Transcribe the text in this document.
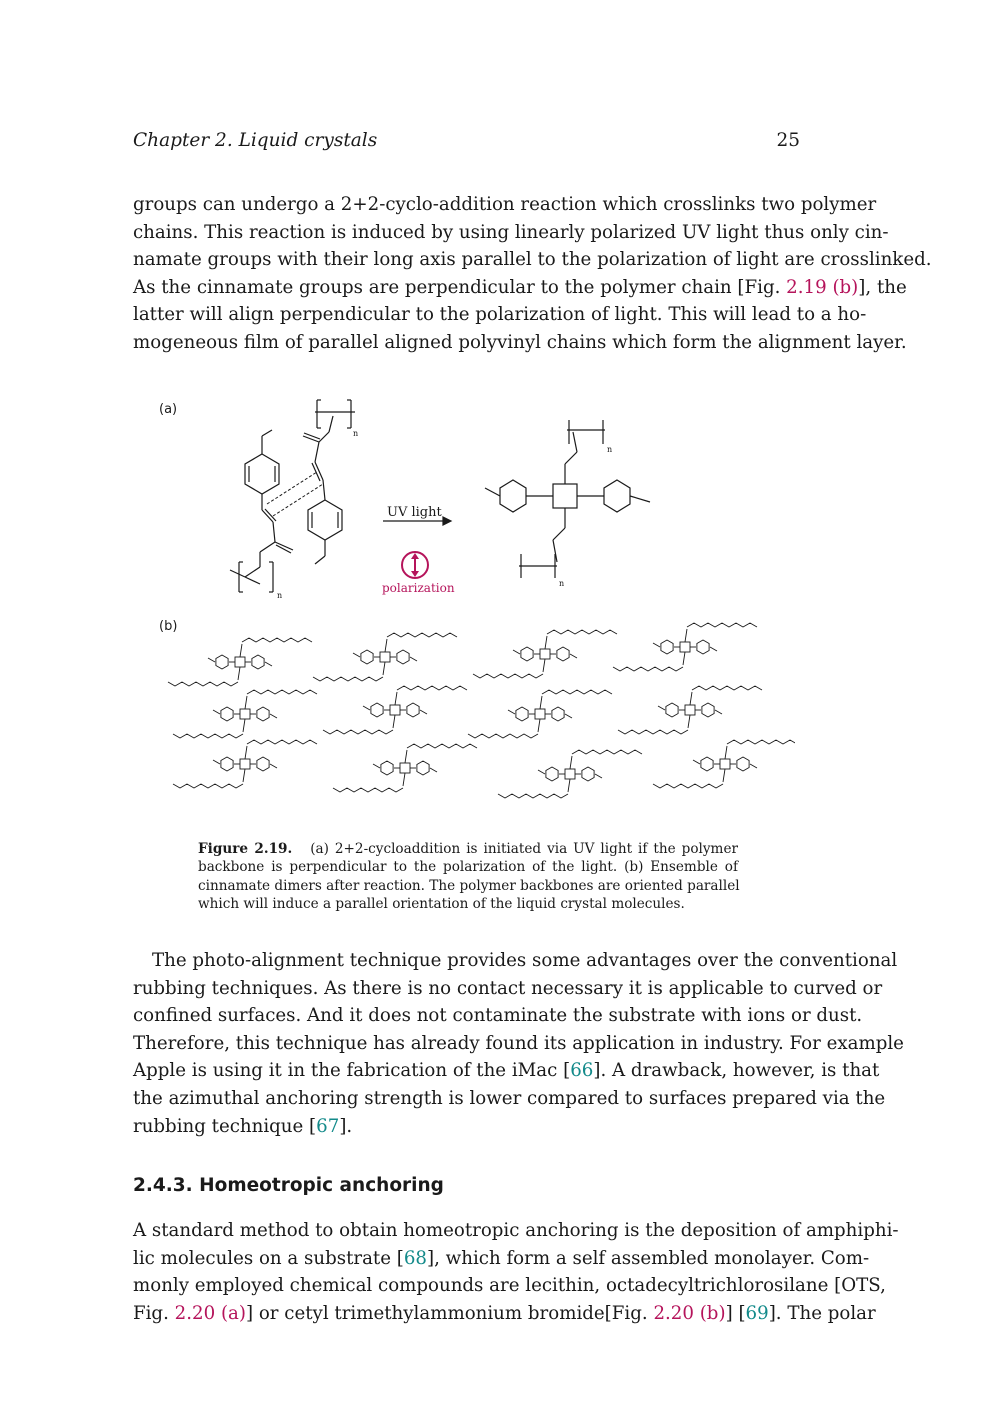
Chapter 2. Liquid crystals	25

groups can undergo a 2+2-cyclo-addition reaction which crosslinks two polymer
chains. This reaction is induced by using linearly polarized UV light thus only cin-
namate groups with their long axis parallel to the polarization of light are crosslinked.
As the cinnamate groups are perpendicular to the polymer chain [Fig. 2.19 (b)], the
latter will align perpendicular to the polarization of light. This will lead to a ho-
mogeneous film of parallel aligned polyvinyl chains which form the alignment layer.

(a)
(b)
UV light
polarization
n
n
n
n
Figure 2.19. (a) 2+2-cycloaddition is initiated via UV light if the polymer
backbone is perpendicular to the polarization of the light. (b) Ensemble of
cinnamate dimers after reaction. The polymer backbones are oriented parallel
which will induce a parallel orientation of the liquid crystal molecules.

The photo-alignment technique provides some advantages over the conventional
rubbing techniques. As there is no contact necessary it is applicable to curved or
confined surfaces. And it does not contaminate the substrate with ions or dust.
Therefore, this technique has already found its application in industry. For example
Apple is using it in the fabrication of the iMac [66]. A drawback, however, is that
the azimuthal anchoring strength is lower compared to surfaces prepared via the
rubbing technique [67].

2.4.3. Homeotropic anchoring

A standard method to obtain homeotropic anchoring is the deposition of amphiphi-
lic molecules on a substrate [68], which form a self assembled monolayer. Com-
monly employed chemical compounds are lecithin, octadecyltrichlorosilane [OTS,
Fig. 2.20 (a)] or cetyl trimethylammonium bromide[Fig. 2.20 (b)] [69]. The polar
